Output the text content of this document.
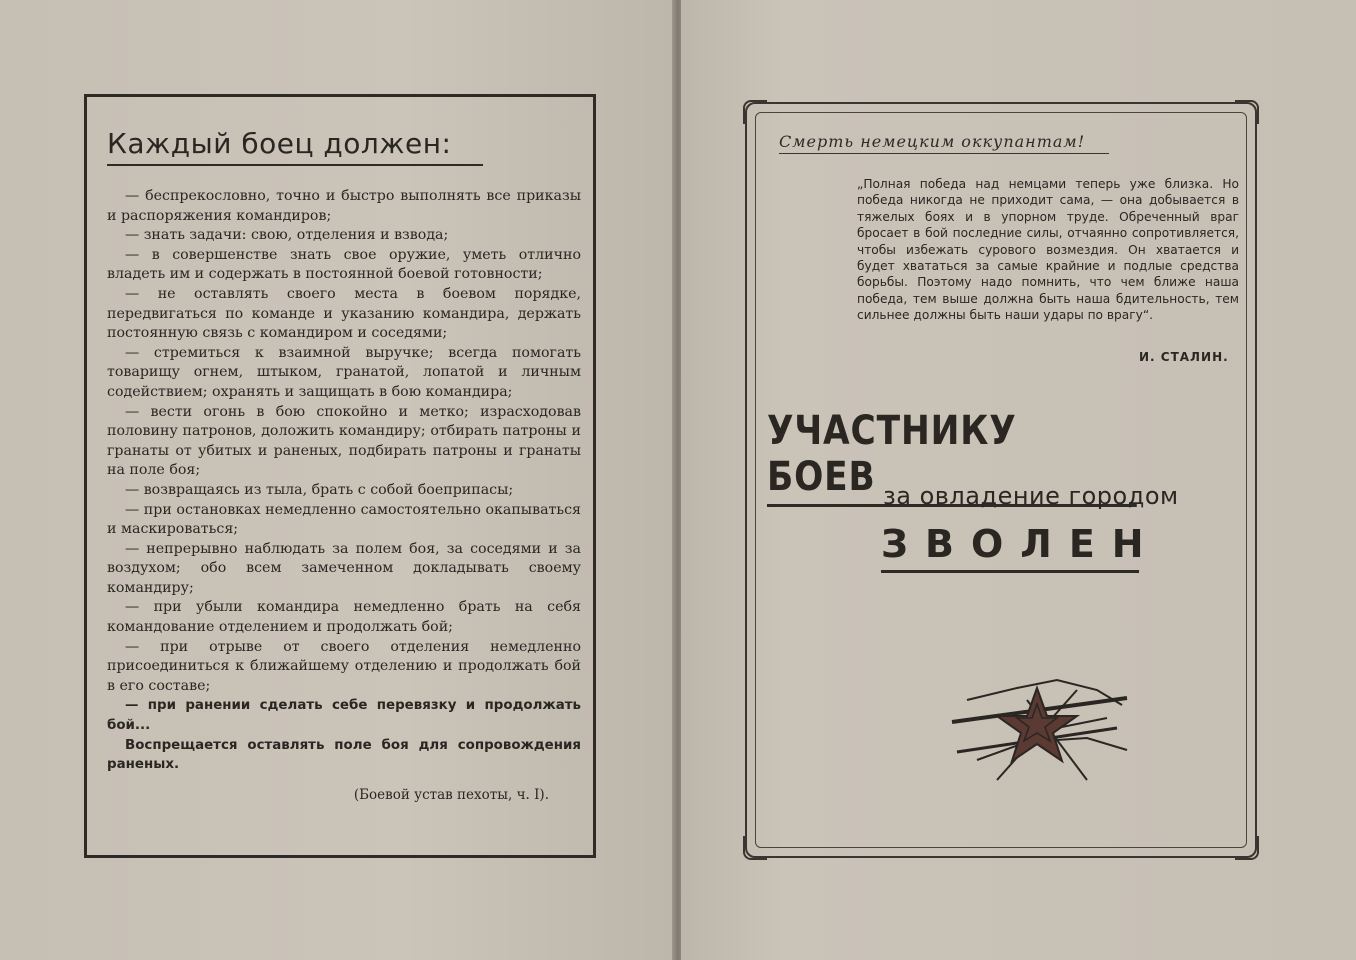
Каждый боец должен:

— беспрекословно, точно и быстро выполнять все приказы и распоряжения командиров;

— знать задачи: свою, отделения и взвода;

— в совершенстве знать свое оружие, уметь отлично владеть им и содержать в постоянной боевой готовности;

— не оставлять своего места в боевом порядке, передвигаться по команде и указанию командира, держать постоянную связь с командиром и соседями;

— стремиться к взаимной выручке; всегда помогать товарищу огнем, штыком, гранатой, лопатой и личным содействием; охранять и защищать в бою командира;

— вести огонь в бою спокойно и метко; израсходовав половину патронов, доложить командиру; отбирать патроны и гранаты от убитых и раненых, подбирать патроны и гранаты на поле боя;

— возвращаясь из тыла, брать с собой боеприпасы;

— при остановках немедленно самостоятельно окапываться и маскироваться;

— непрерывно наблюдать за полем боя, за соседями и за воздухом; обо всем замеченном докладывать своему командиру;

— при убыли командира немедленно брать на себя командование отделением и продолжать бой;

— при отрыве от своего отделения немедленно присоединиться к ближайшему отделению и продолжать бой в его составе;

— при ранении сделать себе перевязку и продолжать бой...

Воспрещается оставлять поле боя для сопровождения раненых.

(Боевой устав пехоты, ч. I).
Смерть немецким оккупантам!
„Полная победа над немцами теперь уже близка. Но победа никогда не приходит сама, — она добывается в тяжелых боях и в упорном труде. Обреченный враг бросает в бой последние силы, отчаянно сопротивляется, чтобы избежать сурового возмездия. Он хватается и будет хвататься за самые крайние и подлые средства борьбы. Поэтому надо помнить, что чем ближе наша победа, тем выше должна быть наша бдительность, тем сильнее должны быть наши удары по врагу“.
И. СТАЛИН.
УЧАСТНИКУ БОЕВ за овладение городом
ЗВОЛЕН
